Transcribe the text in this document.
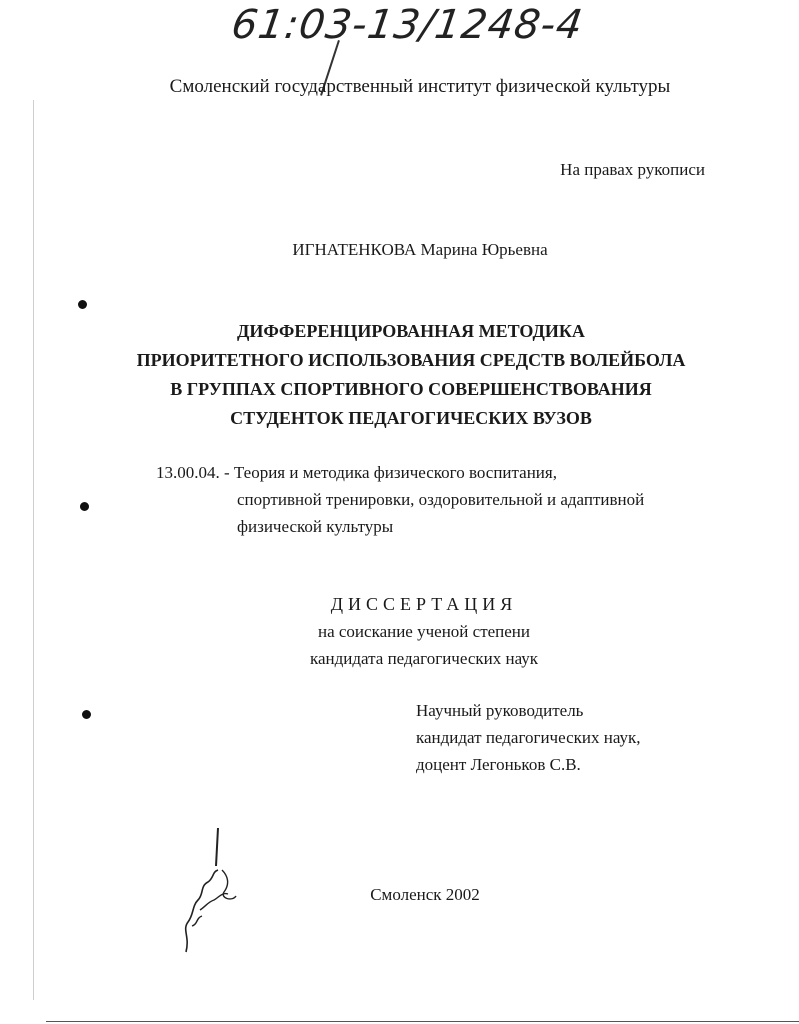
61:03-13/1248-4
Смоленский государственный институт физической культуры
На правах рукописи
ИГНАТЕНКОВА Марина Юрьевна
ДИФФЕРЕНЦИРОВАННАЯ МЕТОДИКА
ПРИОРИТЕТНОГО ИСПОЛЬЗОВАНИЯ СРЕДСТВ ВОЛЕЙБОЛА
В ГРУППАХ СПОРТИВНОГО СОВЕРШЕНСТВОВАНИЯ
СТУДЕНТОК ПЕДАГОГИЧЕСКИХ ВУЗОВ
13.00.04. - Теория и методика физического воспитания,
спортивной тренировки, оздоровительной и адаптивной
физической культуры
ДИССЕРТАЦИЯ
на соискание ученой степени
кандидата педагогических наук
Научный руководитель
кандидат педагогических наук,
доцент Легоньков С.В.
Смоленск 2002
